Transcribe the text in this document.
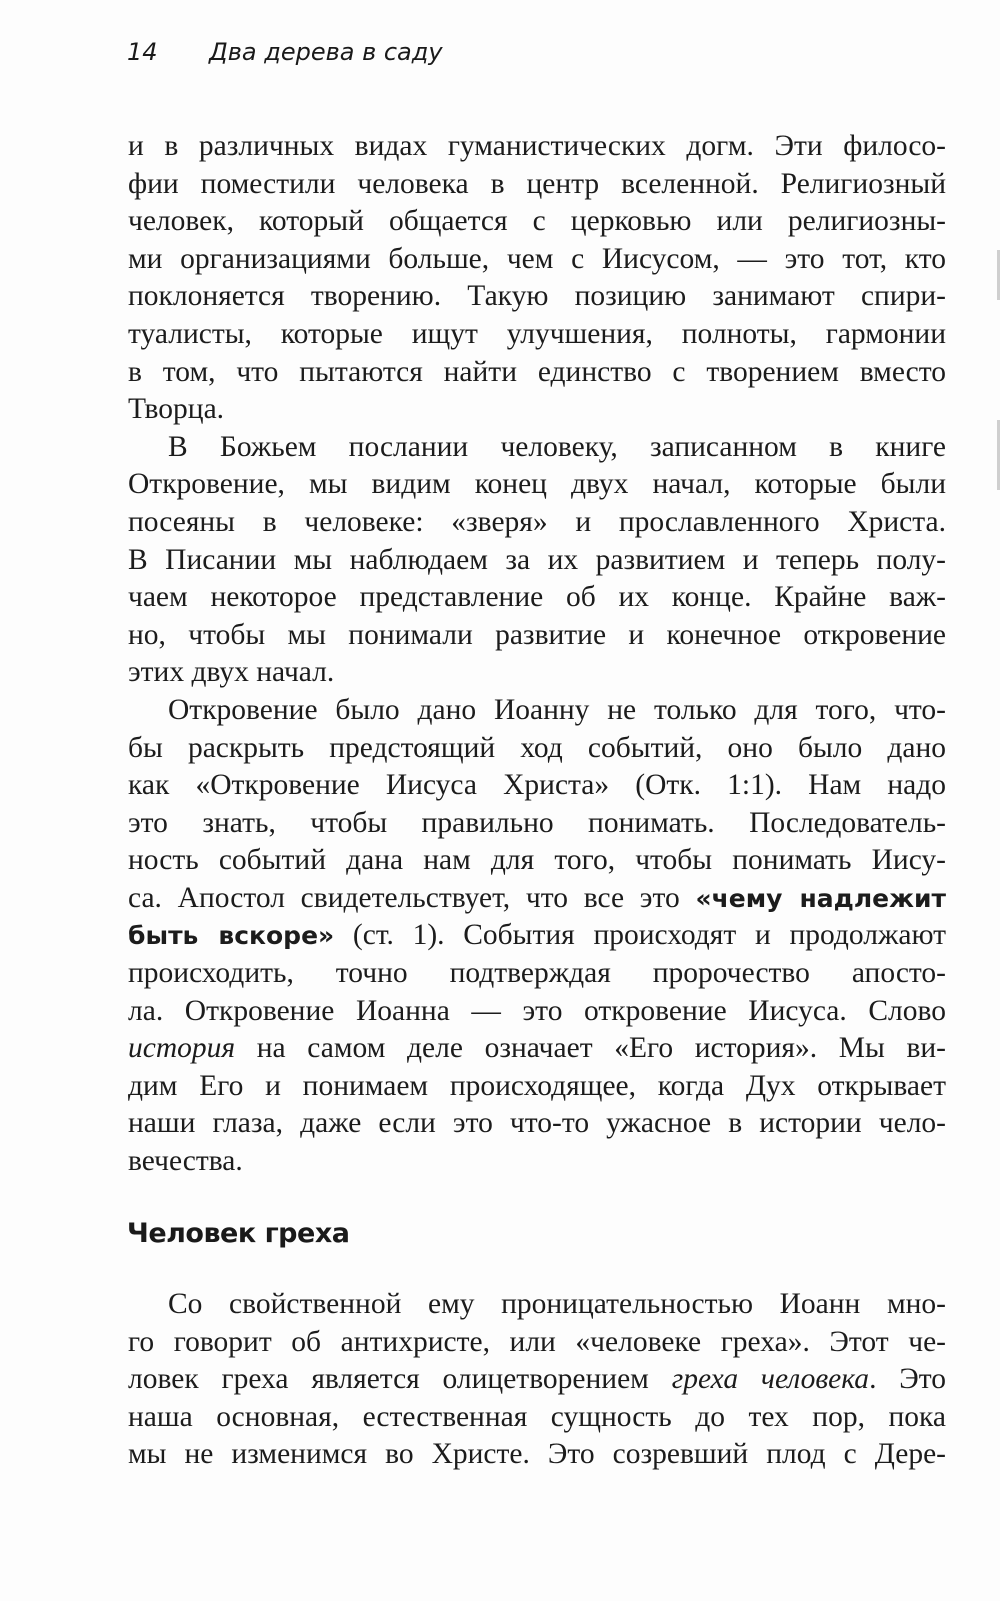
14 Два дерева в саду
и в различных видах гуманистических догм. Эти филосо-
фии поместили человека в центр вселенной. Религиозный
человек, который общается с церковью или религиозны-
ми организациями больше, чем с Иисусом, — это тот, кто
поклоняется творению. Такую позицию занимают спири-
туалисты, которые ищут улучшения, полноты, гармонии
в том, что пытаются найти единство с творением вместо
Творца.
В Божьем послании человеку, записанном в книге
Откровение, мы видим конец двух начал, которые были
посеяны в человеке: «зверя» и прославленного Христа.
В Писании мы наблюдаем за их развитием и теперь полу-
чаем некоторое представление об их конце. Крайне важ-
но, чтобы мы понимали развитие и конечное откровение
этих двух начал.
Откровение было дано Иоанну не только для того, что-
бы раскрыть предстоящий ход событий, оно было дано
как «Откровение Иисуса Христа» (Отк. 1:1). Нам надо
это знать, чтобы правильно понимать. Последователь-
ность событий дана нам для того, чтобы понимать Иису-
са. Апостол свидетельствует, что все это «чему надлежит
быть вскоре» (ст. 1). События происходят и продолжают
происходить, точно подтверждая пророчество апосто-
ла. Откровение Иоанна — это откровение Иисуса. Слово
история на самом деле означает «Его история». Мы ви-
дим Его и понимаем происходящее, когда Дух открывает
наши глаза, даже если это что-то ужасное в истории чело-
вечества.
Человек греха
Со свойственной ему проницательностью Иоанн мно-
го говорит об антихристе, или «человеке греха». Этот че-
ловек греха является олицетворением греха человека. Это
наша основная, естественная сущность до тех пор, пока
мы не изменимся во Христе. Это созревший плод с Дере-
